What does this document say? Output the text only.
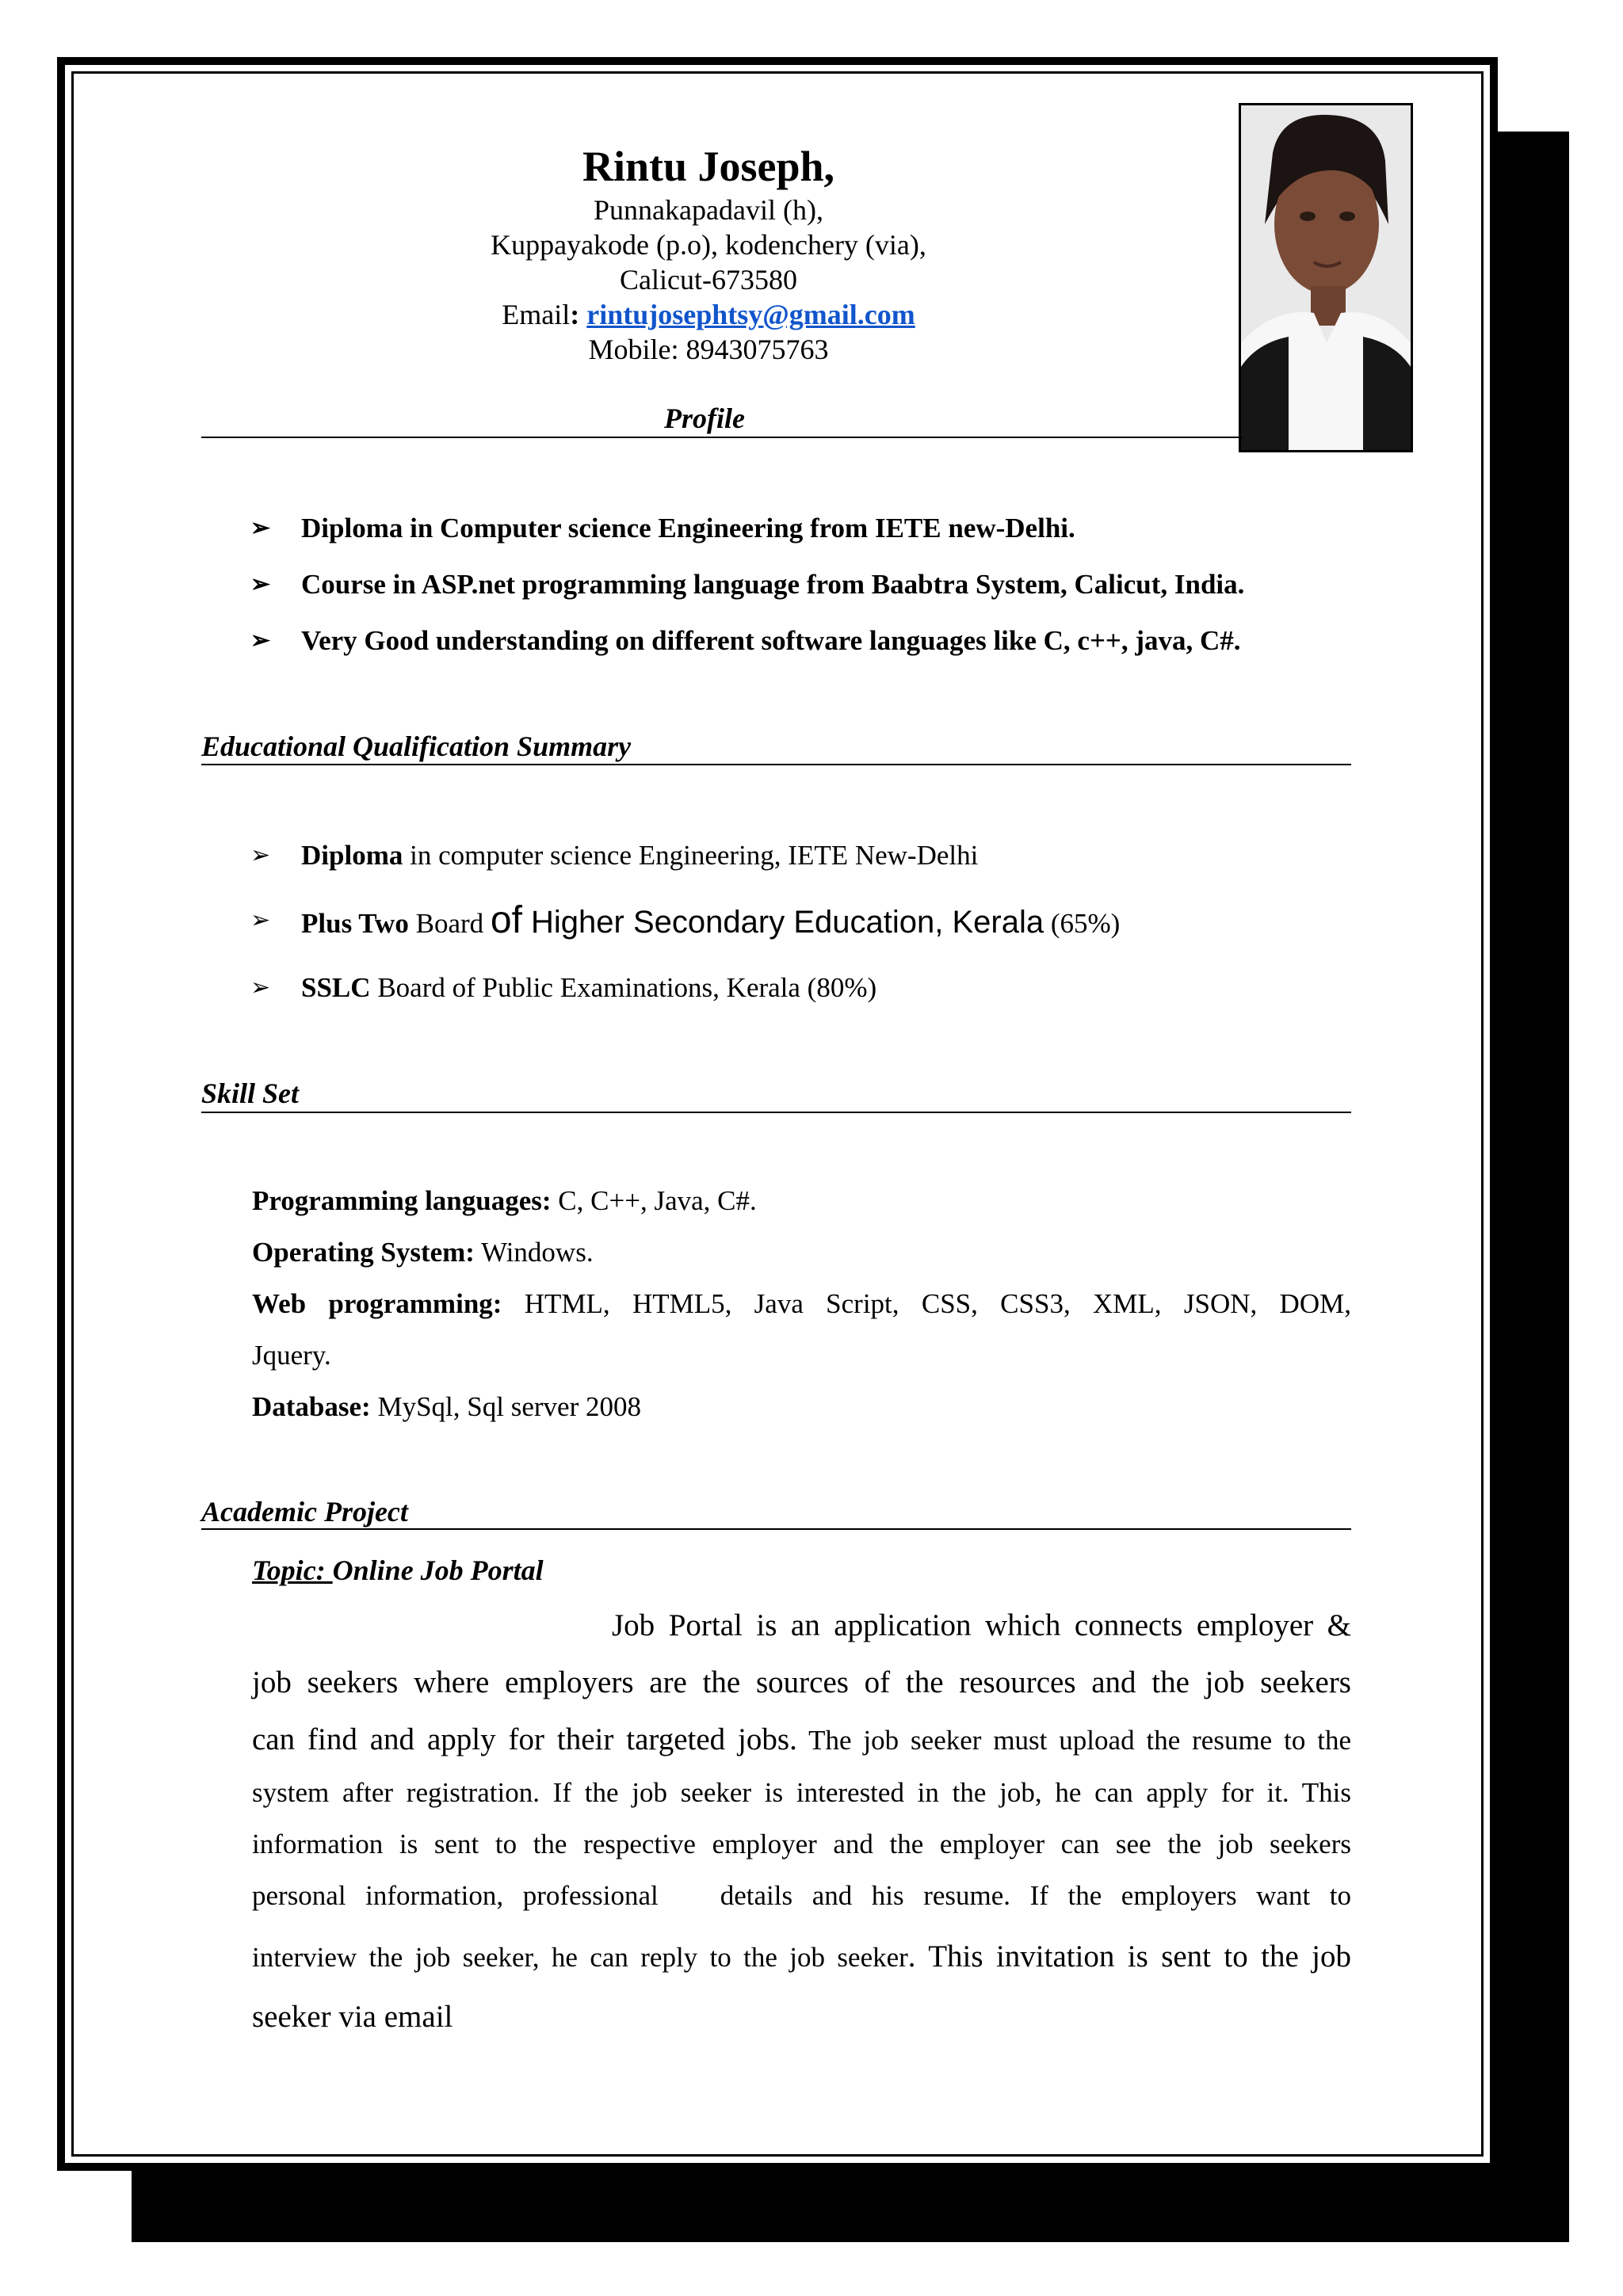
Rintu Joseph,
Punnakapadavil (h),
Kuppayakode (p.o), kodenchery (via),
Calicut-673580
Email: rintujosephtsy@gmail.com
Mobile: 8943075763
Profile
➢ Diploma in Computer science Engineering from IETE new-Delhi.
➢ Course in ASP.net programming language from Baabtra System, Calicut, India.
➢ Very Good understanding on different software languages like C, c++, java, C#.
Educational Qualification Summary
➢ Diploma in computer science Engineering, IETE New-Delhi
➢ Plus Two Board of Higher Secondary Education, Kerala (65%)
➢ SSLC Board of Public Examinations, Kerala (80%)
Skill Set
Programming languages: C, C++, Java, C#.
Operating System: Windows.
Web programming: HTML, HTML5, Java Script, CSS, CSS3, XML, JSON, DOM,
Jquery.
Database: MySql, Sql server 2008
Academic Project
Topic: Online Job Portal
Job Portal is an application which connects employer &
job seekers where employers are the sources of the resources and the job seekers
can find and apply for their targeted jobs. The job seeker must upload the resume to the
system after registration. If the job seeker is interested in the job, he can apply for it. This
information is sent to the respective employer and the employer can see the job seekers
personal information, professional details and his resume. If the employers want to
interview the job seeker, he can reply to the job seeker. This invitation is sent to the job
seeker via email
